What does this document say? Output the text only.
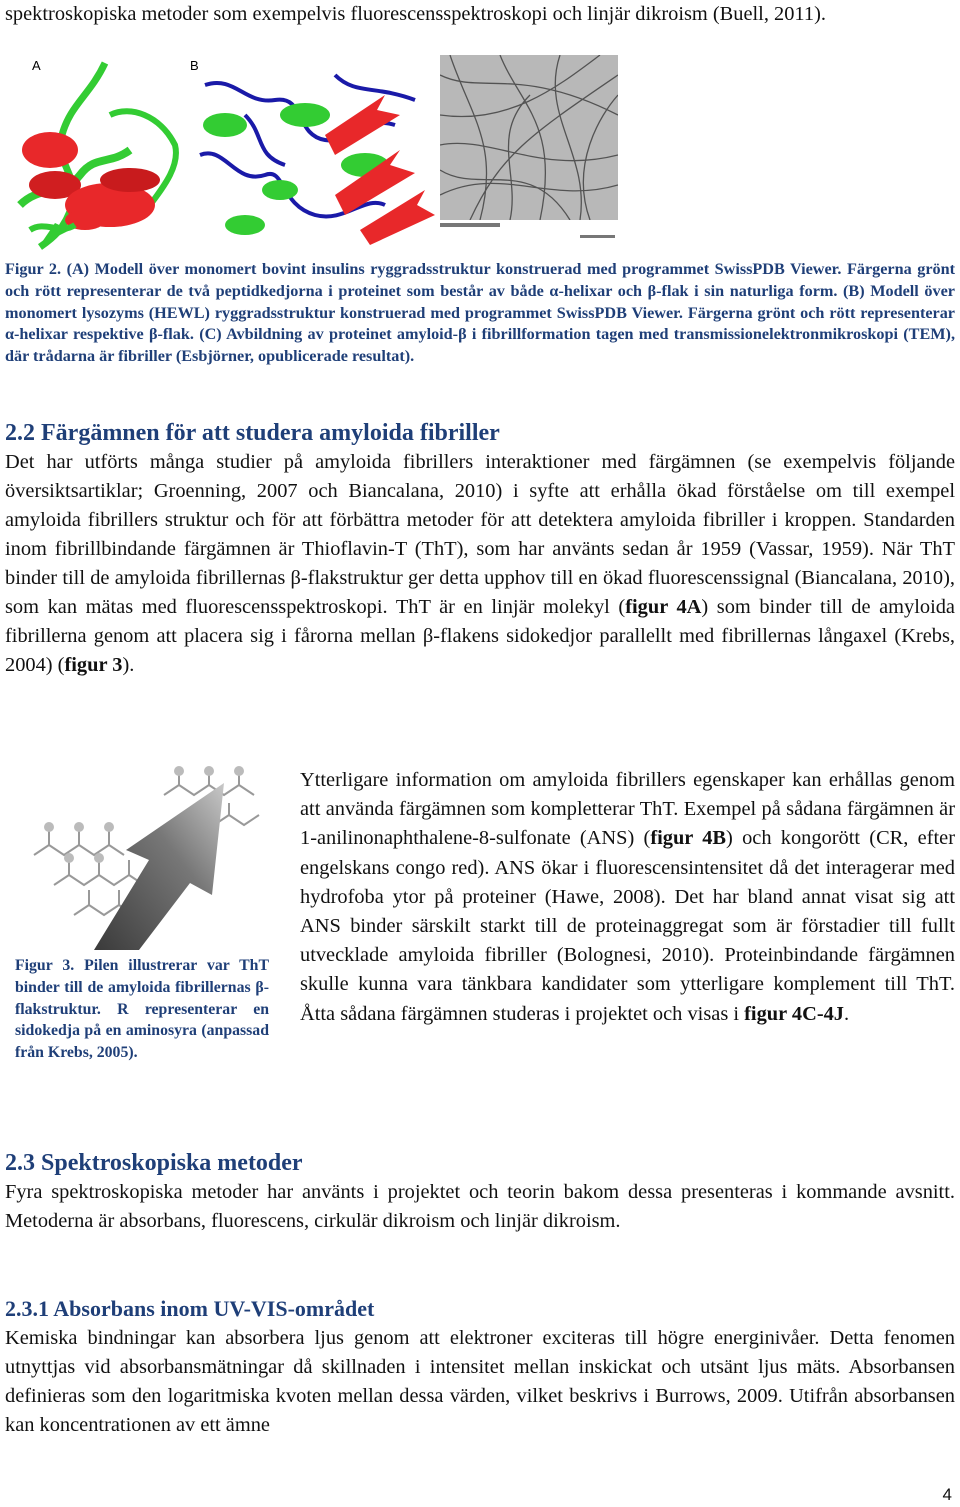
spektroskopiska metoder som exempelvis fluorescensspektroskopi och linjär dikroism (Buell, 2011).

A	B

Figur 2. (A) Modell över monomert bovint insulins ryggradsstruktur konstruerad med programmet SwissPDB Viewer. Färgerna grönt och rött representerar de två peptidkedjorna i proteinet som består av både α-helixar och β-flak i sin naturliga form. (B) Modell över monomert lysozyms (HEWL) ryggradsstruktur konstruerad med programmet SwissPDB Viewer. Färgerna grönt och rött representerar α-helixar respektive β-flak. (C) Avbildning av proteinet amyloid-β i fibrillformation tagen med transmissionelektronmikroskopi (TEM), där trådarna är fibriller (Esbjörner, opublicerade resultat).

2.2 Färgämnen för att studera amyloida fibriller

Det har utförts många studier på amyloida fibrillers interaktioner med färgämnen (se exempelvis följande översiktsartiklar; Groenning, 2007 och Biancalana, 2010) i syfte att erhålla ökad förståelse om till exempel amyloida fibrillers struktur och för att förbättra metoder för att detektera amyloida fibriller i kroppen. Standarden inom fibrillbindande färgämnen är Thioflavin-T (ThT), som har använts sedan år 1959 (Vassar, 1959). När ThT binder till de amyloida fibrillernas β-flakstruktur ger detta upphov till en ökad fluorescenssignal (Biancalana, 2010), som kan mätas med fluorescensspektroskopi. ThT är en linjär molekyl (figur 4A) som binder till de amyloida fibrillerna genom att placera sig i fårorna mellan β-flakens sidokedjor parallellt med fibrillernas långaxel (Krebs, 2004) (figur 3).

Figur 3. Pilen illustrerar var ThT binder till de amyloida fibrillernas β-flakstruktur. R representerar en sidokedja på en aminosyra (anpassad från Krebs, 2005).

Ytterligare information om amyloida fibrillers egenskaper kan erhållas genom att använda färgämnen som kompletterar ThT. Exempel på sådana färgämnen är 1-anilinonaphthalene-8-sulfonate (ANS) (figur 4B) och kongorött (CR, efter engelskans congo red). ANS ökar i fluorescensintensitet då det interagerar med hydrofoba ytor på proteiner (Hawe, 2008). Det har bland annat visat sig att ANS binder särskilt starkt till de proteinaggregat som är förstadier till fullt utvecklade amyloida fibriller (Bolognesi, 2010). Proteinbindande färgämnen skulle kunna vara tänkbara kandidater som ytterligare komplement till ThT. Åtta sådana färgämnen studeras i projektet och visas i figur 4C-4J.

2.3 Spektroskopiska metoder

Fyra spektroskopiska metoder har använts i projektet och teorin bakom dessa presenteras i kommande avsnitt. Metoderna är absorbans, fluorescens, cirkulär dikroism och linjär dikroism.

2.3.1 Absorbans inom UV-VIS-området

Kemiska bindningar kan absorbera ljus genom att elektroner exciteras till högre energinivåer. Detta fenomen utnyttjas vid absorbansmätningar då skillnaden i intensitet mellan inskickat och utsänt ljus mäts. Absorbansen definieras som den logaritmiska kvoten mellan dessa värden, vilket beskrivs i Burrows, 2009. Utifrån absorbansen kan koncentrationen av ett ämne

4
